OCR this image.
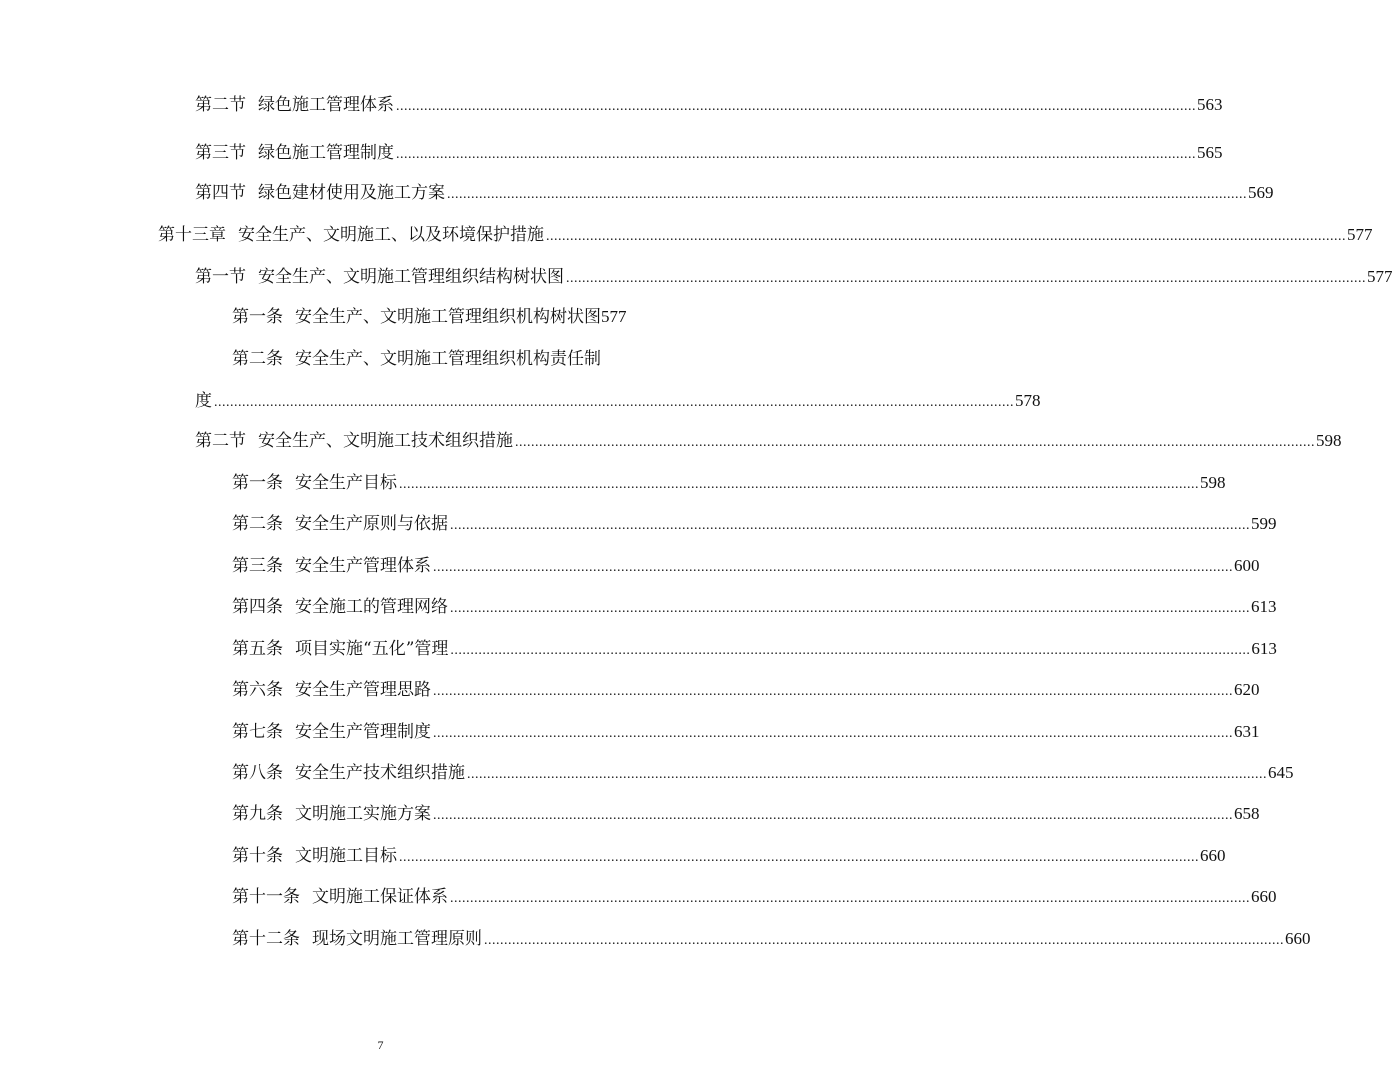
第二节 绿色施工管理体系 ........................................................................................................................................................................................................ 563
第三节 绿色施工管理制度 ........................................................................................................................................................................................................ 565
第四节 绿色建材使用及施工方案 ........................................................................................................................................................................................................ 569
第十三章 安全生产、文明施工、以及环境保护措施 ........................................................................................................................................................................................................ 577
第一节 安全生产、文明施工管理组织结构树状图 ........................................................................................................................................................................................................ 577
第一条 安全生产、文明施工管理组织机构树状图 577
第二条 安全生产、文明施工管理组织机构责任制
度 ........................................................................................................................................................................................................ 578
第二节 安全生产、文明施工技术组织措施 ........................................................................................................................................................................................................ 598
第一条 安全生产目标 ........................................................................................................................................................................................................ 598
第二条 安全生产原则与依据 ........................................................................................................................................................................................................ 599
第三条 安全生产管理体系 ........................................................................................................................................................................................................ 600
第四条 安全施工的管理网络 ........................................................................................................................................................................................................ 613
第五条 项目实施“五化”管理 ........................................................................................................................................................................................................ 613
第六条 安全生产管理思路 ........................................................................................................................................................................................................ 620
第七条 安全生产管理制度 ........................................................................................................................................................................................................ 631
第八条 安全生产技术组织措施 ........................................................................................................................................................................................................ 645
第九条 文明施工实施方案 ........................................................................................................................................................................................................ 658
第十条 文明施工目标 ........................................................................................................................................................................................................ 660
第十一条 文明施工保证体系 ........................................................................................................................................................................................................ 660
第十二条 现场文明施工管理原则 ........................................................................................................................................................................................................ 660
7
